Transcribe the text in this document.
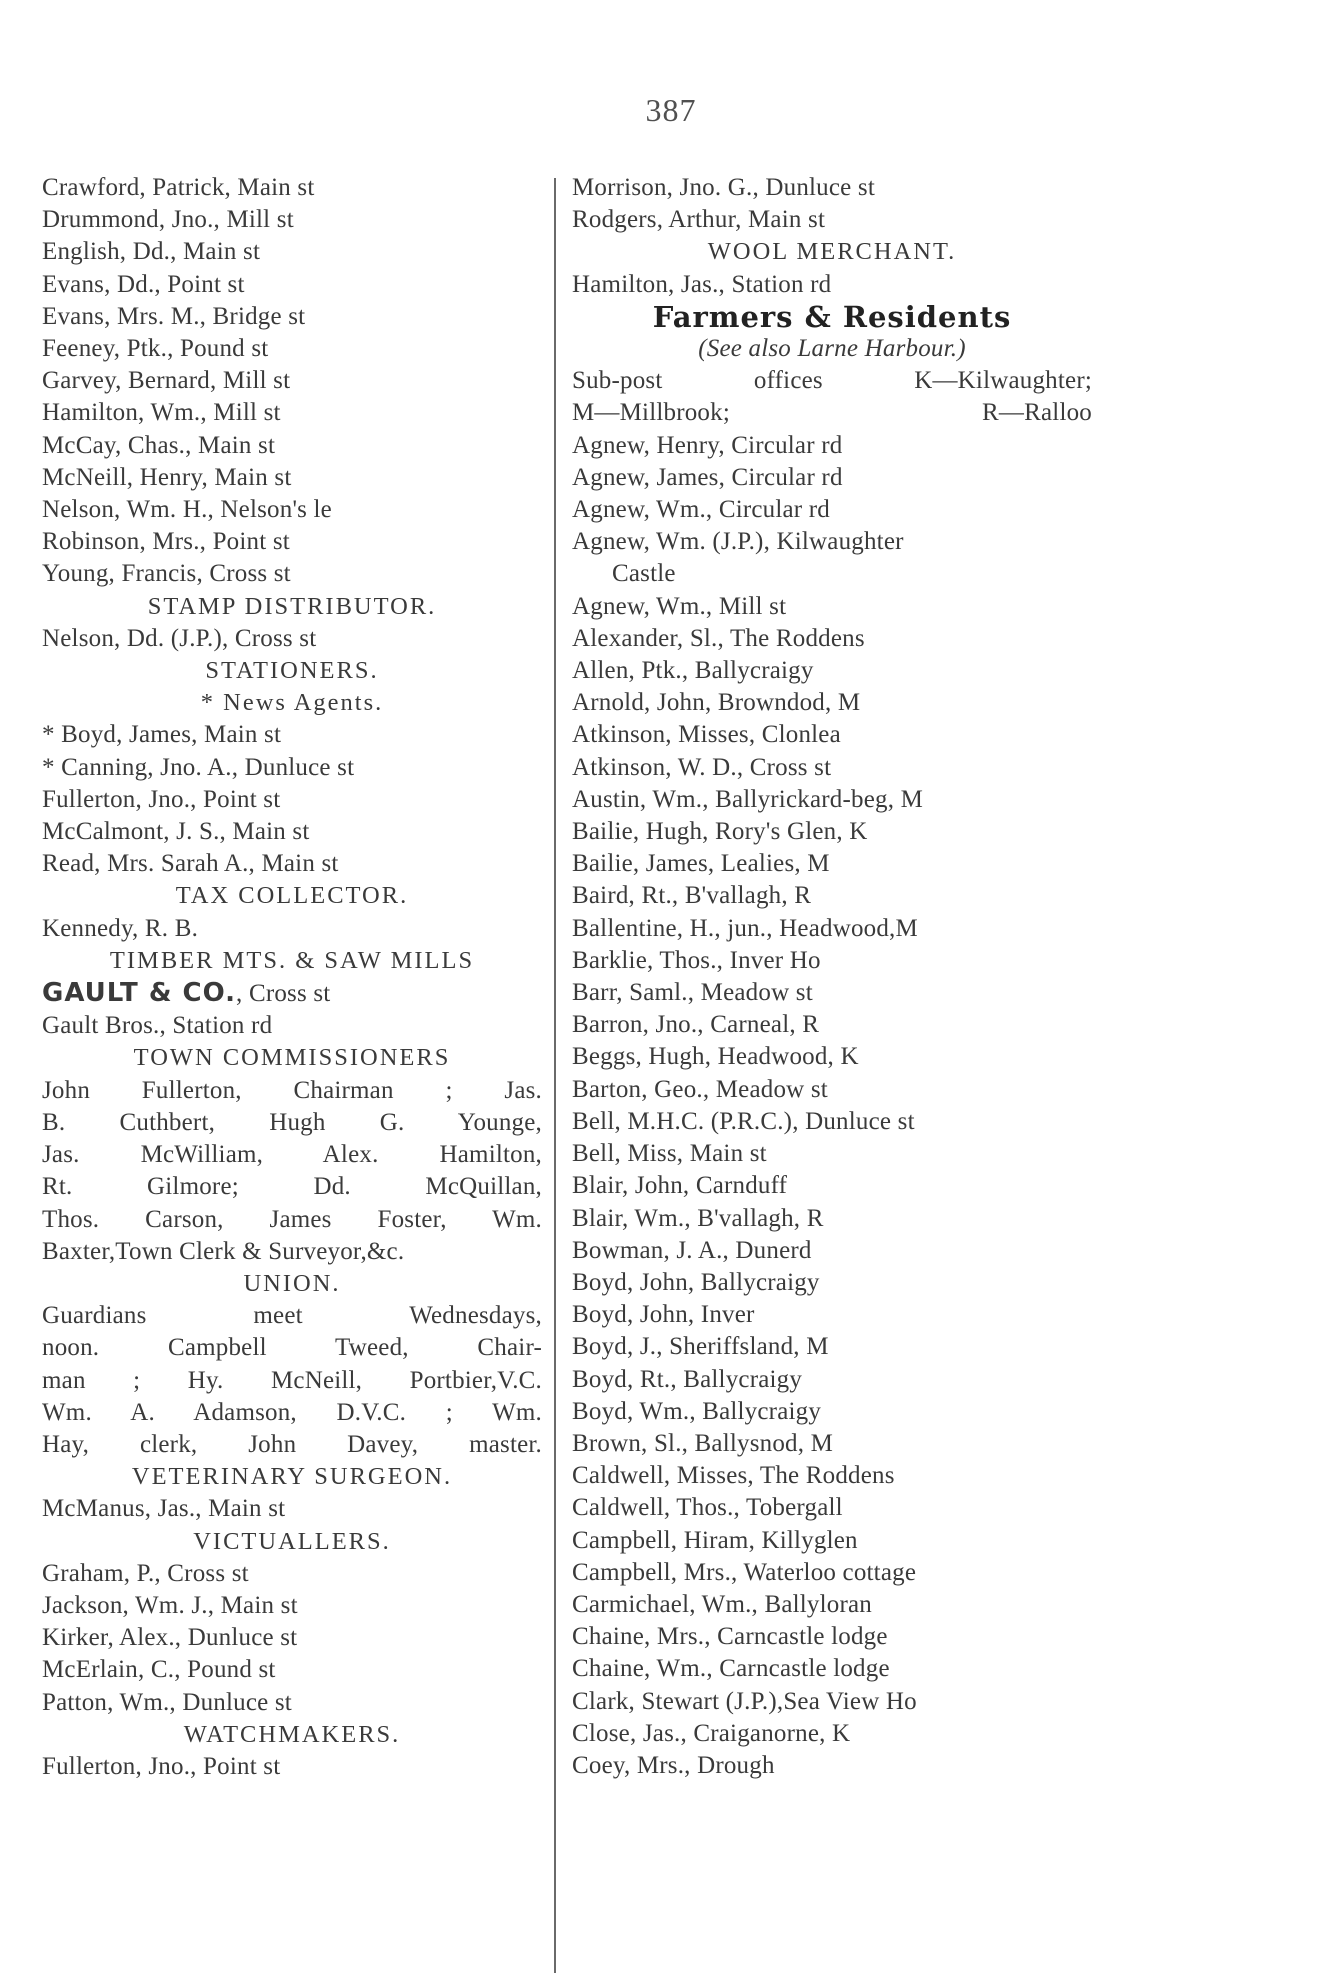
387
Crawford, Patrick, Main st
Drummond, Jno., Mill st
English, Dd., Main st
Evans, Dd., Point st
Evans, Mrs. M., Bridge st
Feeney, Ptk., Pound st
Garvey, Bernard, Mill st
Hamilton, Wm., Mill st
McCay, Chas., Main st
McNeill, Henry, Main st
Nelson, Wm. H., Nelson's le
Robinson, Mrs., Point st
Young, Francis, Cross st
STAMP DISTRIBUTOR.
Nelson, Dd. (J.P.), Cross st
STATIONERS.
* News Agents.
* Boyd, James, Main st
* Canning, Jno. A., Dunluce st
Fullerton, Jno., Point st
McCalmont, J. S., Main st
Read, Mrs. Sarah A., Main st
TAX COLLECTOR.
Kennedy, R. B.
TIMBER MTS. & SAW MILLS
GAULT & CO., Cross st
Gault Bros., Station rd
TOWN COMMISSIONERS
John Fullerton, Chairman ; Jas.
B. Cuthbert, Hugh G. Younge,
Jas. McWilliam, Alex. Hamilton,
Rt. Gilmore; Dd. McQuillan,
Thos. Carson, James Foster, Wm.
Baxter,Town Clerk & Surveyor,&c.
UNION.
Guardians meet Wednesdays,
noon. Campbell Tweed, Chair-
man ; Hy. McNeill, Portbier,V.C.
Wm. A. Adamson, D.V.C. ; Wm.
Hay, clerk, John Davey, master.
VETERINARY SURGEON.
McManus, Jas., Main st
VICTUALLERS.
Graham, P., Cross st
Jackson, Wm. J., Main st
Kirker, Alex., Dunluce st
McErlain, C., Pound st
Patton, Wm., Dunluce st
WATCHMAKERS.
Fullerton, Jno., Point st
Morrison, Jno. G., Dunluce st
Rodgers, Arthur, Main st
WOOL MERCHANT.
Hamilton, Jas., Station rd
Farmers & Residents
(See also Larne Harbour.)
Sub-post offices K—Kilwaughter;
M—Millbrook; R—Ralloo
Agnew, Henry, Circular rd
Agnew, James, Circular rd
Agnew, Wm., Circular rd
Agnew, Wm. (J.P.), Kilwaughter
Castle
Agnew, Wm., Mill st
Alexander, Sl., The Roddens
Allen, Ptk., Ballycraigy
Arnold, John, Browndod, M
Atkinson, Misses, Clonlea
Atkinson, W. D., Cross st
Austin, Wm., Ballyrickard-beg, M
Bailie, Hugh, Rory's Glen, K
Bailie, James, Lealies, M
Baird, Rt., B'vallagh, R
Ballentine, H., jun., Headwood,M
Barklie, Thos., Inver Ho
Barr, Saml., Meadow st
Barron, Jno., Carneal, R
Beggs, Hugh, Headwood, K
Barton, Geo., Meadow st
Bell, M.H.C. (P.R.C.), Dunluce st
Bell, Miss, Main st
Blair, John, Carnduff
Blair, Wm., B'vallagh, R
Bowman, J. A., Dunerd
Boyd, John, Ballycraigy
Boyd, John, Inver
Boyd, J., Sheriffsland, M
Boyd, Rt., Ballycraigy
Boyd, Wm., Ballycraigy
Brown, Sl., Ballysnod, M
Caldwell, Misses, The Roddens
Caldwell, Thos., Tobergall
Campbell, Hiram, Killyglen
Campbell, Mrs., Waterloo cottage
Carmichael, Wm., Ballyloran
Chaine, Mrs., Carncastle lodge
Chaine, Wm., Carncastle lodge
Clark, Stewart (J.P.),Sea View Ho
Close, Jas., Craiganorne, K
Coey, Mrs., Drough
